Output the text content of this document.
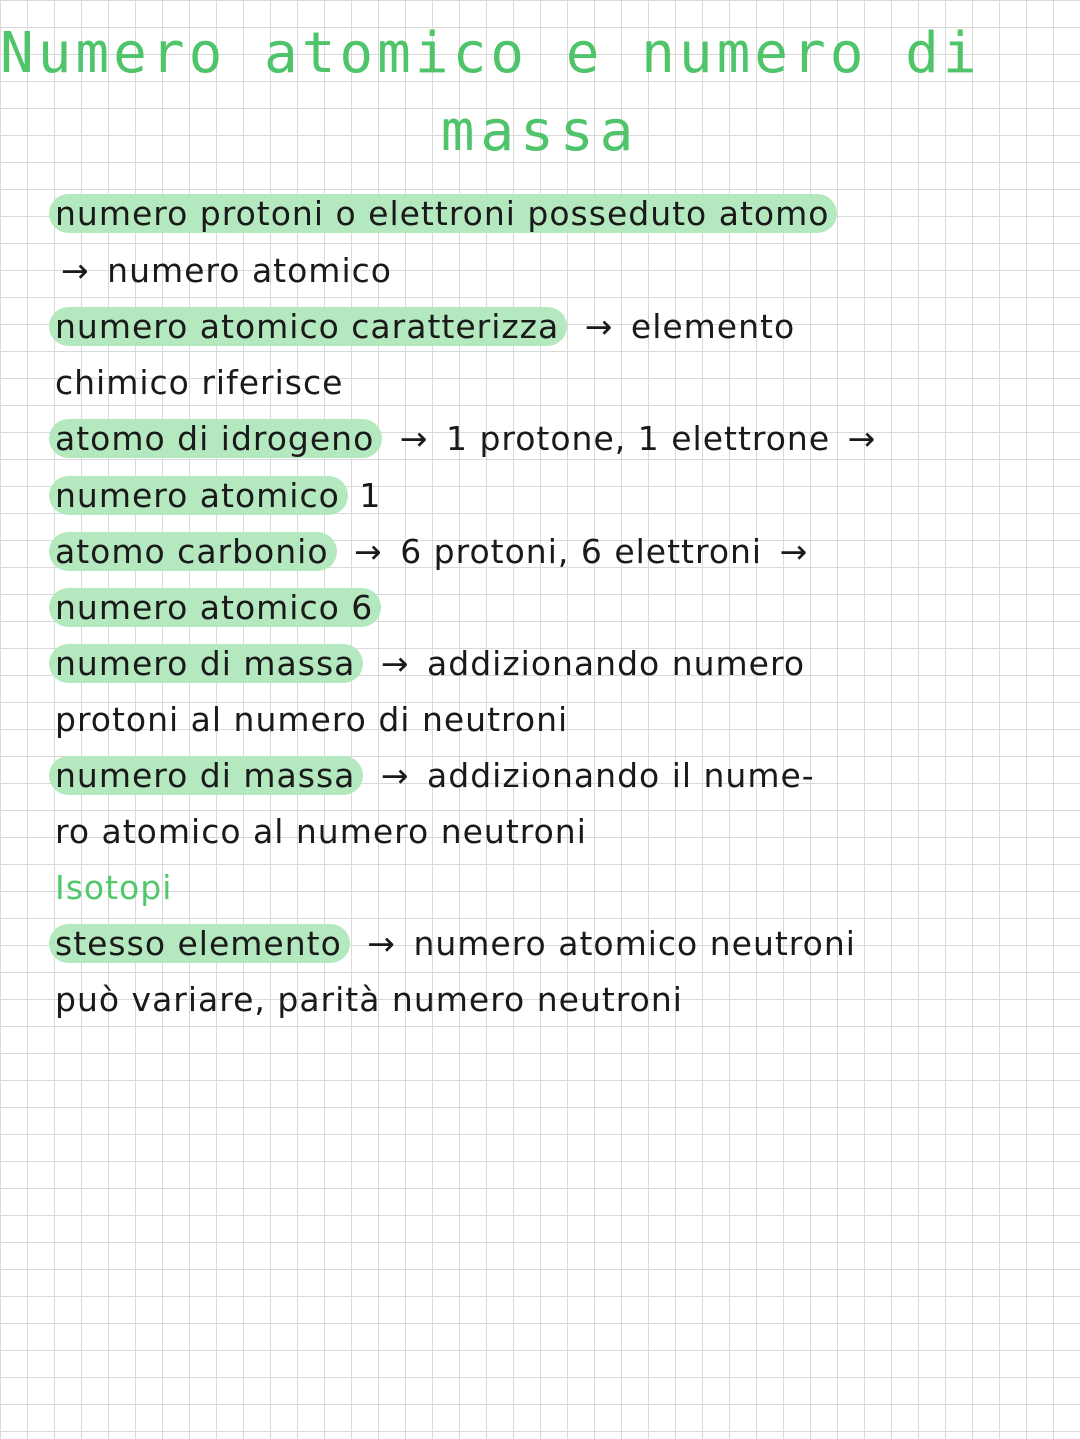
Numero atomico e numero di
massa
numero protoni o elettroni posseduto atomo
→ numero atomico
numero atomico caratterizza → elemento
chimico riferisce
atomo di idrogeno → 1 protone, 1 elettrone →
numero atomico 1
atomo carbonio → 6 protoni, 6 elettroni →
numero atomico 6
numero di massa → addizionando numero
protoni al numero di neutroni
numero di massa → addizionando il nume-
ro atomico al numero neutroni
Isotopi
stesso elemento → numero atomico neutroni
può variare, parità numero neutroni
